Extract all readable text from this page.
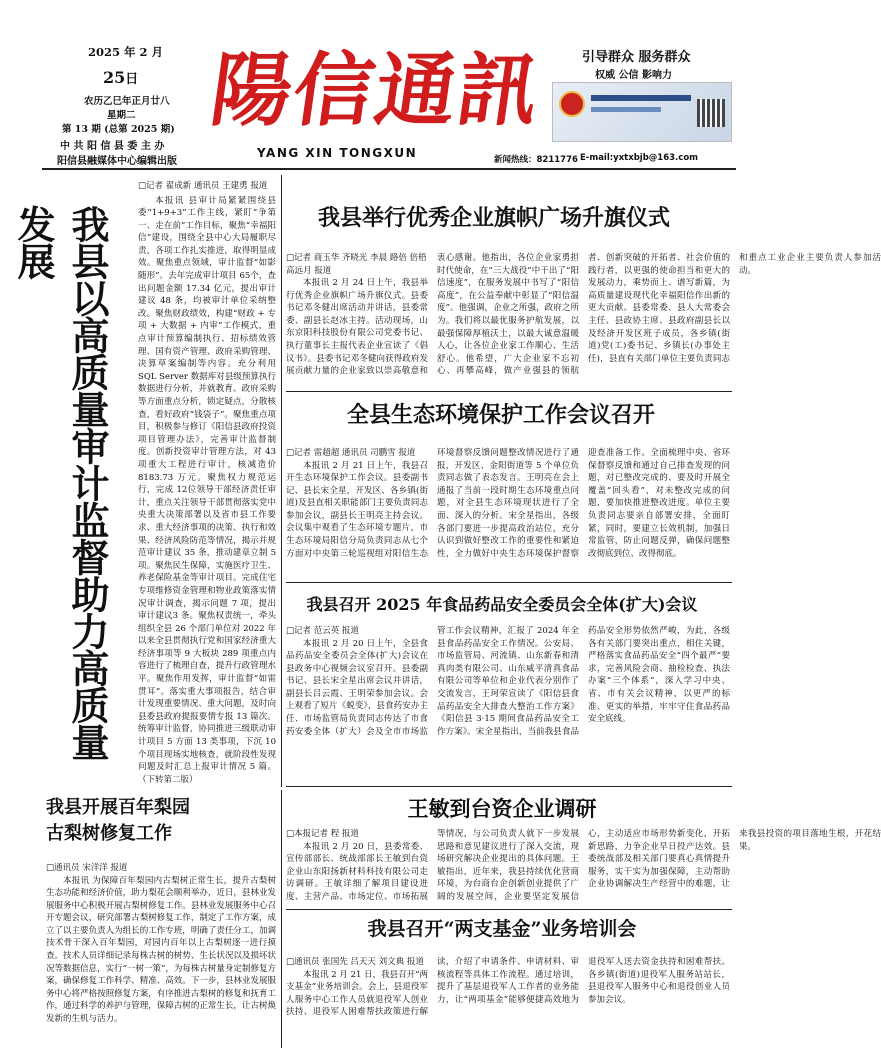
2025 年 2 月
25日
农历乙巳年正月廿八
星期二
第 13 期 (总第 2025 期)
中 共 阳 信 县 委 主 办
阳信县融媒体中心编辑出版
陽信通訊
YANG XIN TONGXUN
引导群众 服务群众
权威 公信 影响力
新闻热线：8211776 E-mail:yxtxbjb@163.com
我县以高质量审计监督助力高质量发展
□记者 翟成新 通讯员 王建勇 报道
本报讯 县审计局紧紧围绕县委“1+9+3”工作主线，紧盯“争第一、走在前”工作目标，聚焦“幸福阳信”建设，围绕全县中心大局履职尽责，各项工作扎实推进，取得明显成效。聚焦重点领域，审计监督“如影随形”。去年完成审计项目 65个，查出问题金额 17.34 亿元，提出审计建议 48 条，均被审计单位采纳整改。聚焦财政绩效，构建“财政 + 专项 + 大数据 + 内审”工作模式，重点审计预算编制执行、招标绩效管理、国有资产管理、政府采购管理、决算草案编制等内容。充分利用 SQL Server 数据库对县级预算执行数据进行分析，并就教育、政府采购等方面重点分析，锁定疑点，分散核查，看好政府“钱袋子”。聚焦重点项目，积极参与修订《阳信县政府投资项目管理办法》，完善审计监督制度。创新投资审计管理方法，对 43 项重大工程进行审计，核减造价 8183.73 万元。聚焦权力规范运行，完成 12位领导干部经济责任审计，重点关注领导干部贯彻落实党中央重大决策部署以及省市县工作要求、重大经济事项的决策、执行和效果、经济风险防范等情况，揭示并规范审计建议 35 条，推动建章立制 5 项。聚焦民生保障，实施医疗卫生、养老保险基金等审计项目。完成住宅专项维修资金管理和物业政策落实情况审计调查，揭示问题 7 项，提出审计建议3 条。聚焦权责统一，牵头组织全县 26 个部门单位对 2022 年以来全县贯彻执行党和国家经济重大经济事项等 9 大板块 289 项重点内容进行了梳理自查，提升行政管理水平。聚焦作用发挥，审计监督“如雷贯耳”。落实重大事项报告，结合审计发现重要情况、重大问题，及时向县委县政府提报要情专报 13 篇次。统筹审计监督，协同推进三级联动审计项目 5 方面 13 类事项，下沉 10 个项目现场实地核查，就阶段性发现问题及时汇总上报审计情况 5 篇。（下转第二版）
我县举行优秀企业旗帜广场升旗仪式
□记者 商玉华 齐晓光 李晨 路倍 倍梧 高远月 报道
本报讯 2 月 24 日上午，我县举行优秀企业旗帜广场升旗仪式。县委书记邓冬健出席活动并讲话，县委常委、副县长赵冰主持。活动现场，山东京阳科技股份有限公司党委书记、执行董事长主报代表企业宣读了《倡议书》。县委书记邓冬健向获得政府发展贡献力量的企业家致以崇高敬意和衷心感谢。他指出，各位企业家勇担时代使命，在“三大战役”中干出了“阳信速度”，在服务发展中书写了“阳信高度”，在公益奉献中彰显了“阳信温度”。他强调，企业之所强，政府之所为。我们将以最优服务护航发展，以最强保障厚植沃土，以最大诚意温暖人心，让各位企业家工作顺心、生活舒心。他希望，广大企业家不忘初心、再攀高峰，做产业强县的领航者、创新突破的开拓者、社会价值的践行者，以更强的使命担当和更大的发展动力，乘势而上、谱写新篇，为高质量建设现代化幸福阳信作出新的更大贡献。县委常委、县人大常委会主任、县政协主席、县政府副县长以及经济开发区班子成员，各乡镇(街道)党(工)委书记、乡镇长(办事处主任)，县直有关部门单位主要负责同志和重点工业企业主要负责人参加活动。
全县生态环境保护工作会议召开
□记者 雷超超 通讯员 司鹏雪 报道
本报讯 2 月 21 日上午，我县召开生态环境保护工作会议。县委副书记、县长宋全星，开发区、各乡镇(街道)及县直相关职能部门主要负责同志参加会议，副县长王明亮主持会议。会议集中观看了生态环境专题片，市生态环境局阳信分局负责同志从七个方面对中央第三轮巡视组对阳信生态环境督察反馈问题整改情况进行了通报，开发区、金阳街道等 5 个单位负责同志做了表态发言。王明亮在会上通报了当前一段时期生态环境重点问题，对全县生态环境现状进行了全面、深入的分析。宋全星指出，各级各部门要进一步提高政治站位，充分认识到做好整改工作的重要性和紧迫性，全力做好中央生态环境保护督察迎查准备工作。全面梳理中央、省环保督察反馈和通过自己排查发现的问题，对已整改完成的、要及时开展全覆盖“回头看”，对未整改完成的问题，要加快推进整改进度。单位主要负责同志要亲自部署安排，全面盯紧，同时，要建立长效机制，加强日常监管，防止问题反弹，确保问题整改彻底到位、改得彻底。
我县召开 2025 年食品药品安全委员会全体(扩大)会议
□记者 范云英 报道
本报讯 2 月 20 日上午，全县食品药品安全委员会全体(扩大)会议在县政务中心视频会议室召开。县委副书记、县长宋全星出席会议并讲话，副县长吕云霞、王明荣参加会议。会上观看了短片《蜕变》，县食药安办主任、市场监管局负责同志传达了市食药安委全体（扩大）会及全市市场监管工作会议精神，汇报了 2024 年全县食品药品安全工作情况。公安局、市场监管局、河流镇、山东新春和清真肉类有限公司、山东威平清真食品有限公司等单位和企业代表分别作了交流发言，王珂荣宣读了《阳信县食品药品安全大排查大整治工作方案》《阳信县 3·15 期间食品药品安全工作方案》。宋全星指出，当前我县食品药品安全形势依然严峻，为此，各级各有关部门要突出重点，相住关键，严格落实食品药品安全“四个最严”要求，完善风险会商、抽检检查、执法办案“三个体系”，深入学习中央、省、市有关会议精神，以更严的标准、更实的举措，牢牢守住食品药品安全底线。
我县开展百年梨园
古梨树修复工作
□通讯员 宋洋洋 报道
本报讯 为保障百年梨园内古梨树正常生长，提升古梨树生态功能和经济价值，助力梨花会顺利举办，近日，县林业发展服务中心积极开展古梨树修复工作。县林业发展服务中心召开专题会议，研究部署古梨树修复工作，制定了工作方案，成立了以主要负责人为组长的工作专班，明确了责任分工，加调技术骨干深入百年梨园，对园内百年以上古梨树逐一进行摸查。技术人员详细记录每株古树的树势、生长状况以及损坏状况等数据信息，实行“一树一策”，为每株古树量身定制修复方案，确保修复工作科学、精准、高效。下一步，县林业发展服务中心将严格按照修复方案，有序推进古梨树的修复和抚育工作，通过科学的养护与管理，保障古树的正常生长，让古树焕发新的生机与活力。
王敏到台资企业调研
□本报记者 程 报道
本报讯 2 月 20 日，县委常委、宣传部部长、统战部部长王敏到台资企业山东阳扬新材料科技有限公司走访调研。王敏详细了解项目建设进度、主营产品、市场定位、市场拓展等情况，与公司负责人就下一步发展思路和意见建议进行了深入交流，现场研究解决企业提出的具体问题。王敏指出，近年来，我县持续优化营商环境，为台商台企创新创业提供了广阔的发展空间，企业要坚定发展信心，主动适应市场形势新变化，开拓新思路，力争企业早日投产达效。县委统战部及相关部门要真心真情提升服务，实干实为加强保障，主动帮助企业协调解决生产经营中的难题，让来我县投资的项目落地生根，开花结果。
我县召开“两支基金”业务培训会
□通讯员 张国先 吕天天 刘文典 报道
本报讯 2 月 21 日，我县召开“两支基金”业务培训会。会上，县退役军人服务中心工作人员就退役军人创业扶持、退役军人困难帮扶政策进行解读，介绍了申请条件、申请材料、审核流程等具体工作流程。通过培训，提升了基层退役军人工作者的业务能力，让“两项基金”能够便捷高效地为退役军人送去资金扶持和困难帮扶。各乡镇(街道)退役军人服务站站长，县退役军人服务中心和退役创业人员参加会议。
